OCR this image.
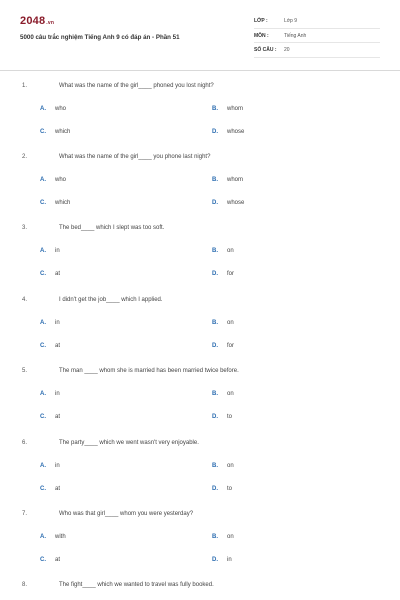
2048.vn
5000 câu trắc nghiệm Tiếng Anh 9 có đáp án - Phần 51
LỚP :	Lớp 9
MÔN :	Tiếng Anh
SỐ CÂU : 20
1.	What was the name of the girl____ phoned you lost night?
A. who	B. whom
C. which	D. whose
2.	What was the name of the girl____ you phone last night?
A. who	B. whom
C. which	D. whose
3.	The bed____ which I slept was too soft.
A. in	B. on
C. at	D. for
4.	I didn't get the job____ which I applied.
A. in	B. on
C. at	D. for
5.	The man ____ whom she is married has been married twice before.
A. in	B. on
C. at	D. to
6.	The party____ which we went wasn't very enjoyable.
A. in	B. on
C. at	D. to
7.	Who was that girl____ whom you were yesterday?
A. with	B. on
C. at	D. in
8.	The fight____ which we wanted to travel was fully booked.
